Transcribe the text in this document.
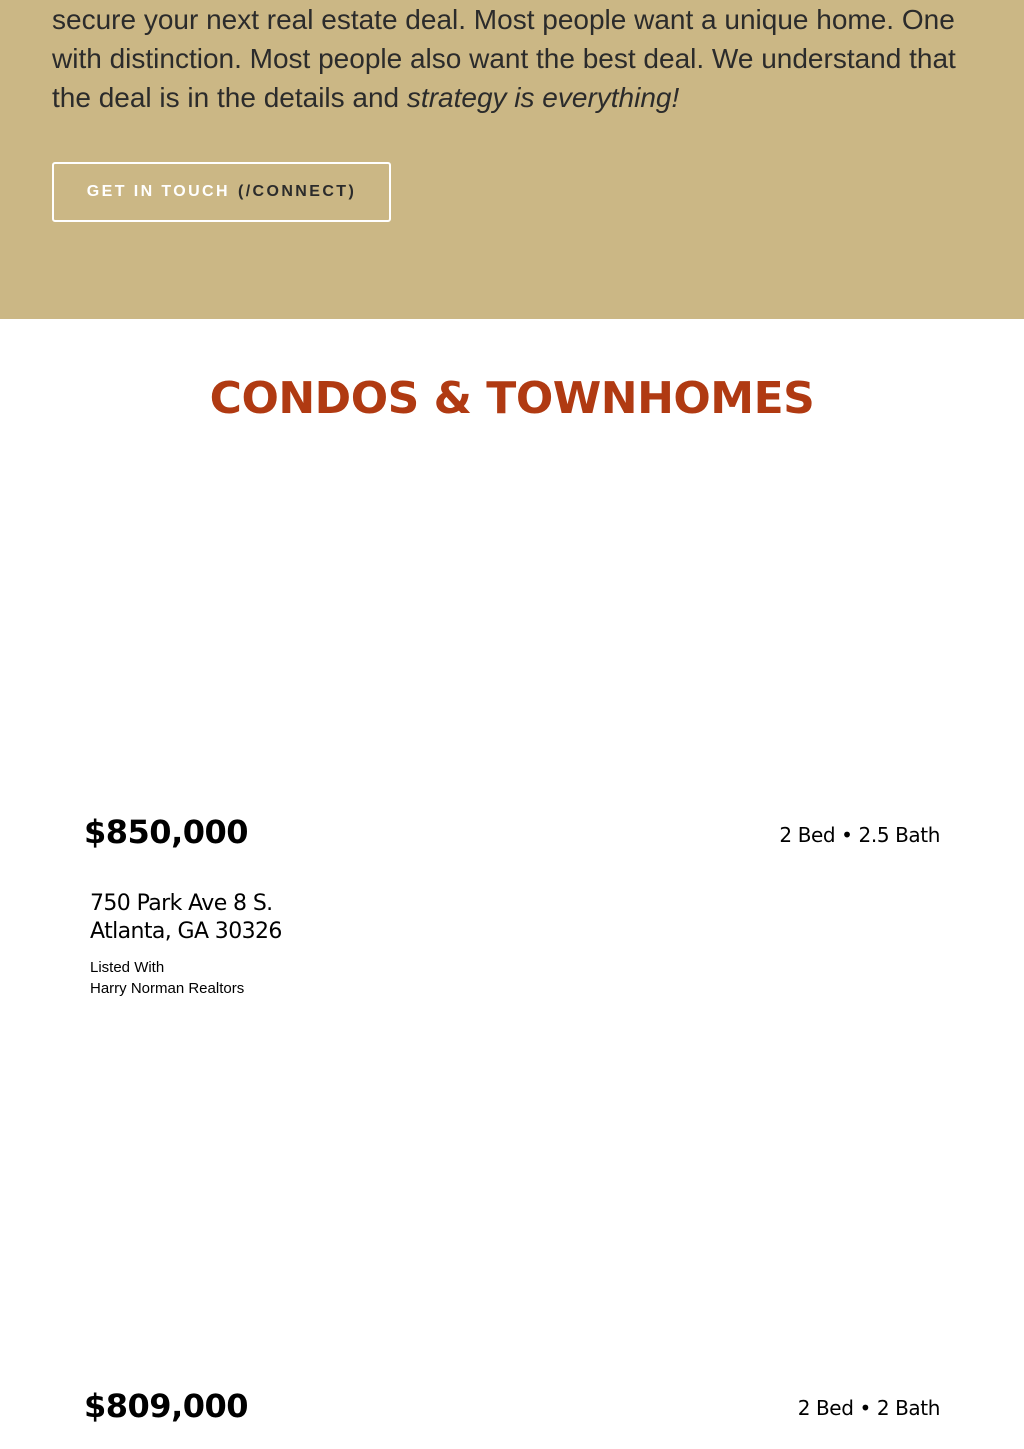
secure your next real estate deal. Most people want a unique home. One
with distinction. Most people also want the best deal. We understand that
the deal is in the details and strategy is everything!

GET IN TOUCH (/CONNECT)
CONDOS & TOWNHOMES
$850,000	2 Bed • 2.5 Bath
750 Park Ave 8 S.
Atlanta, GA 30326
Listed With
Harry Norman Realtors
$809,000	2 Bed • 2 Bath
